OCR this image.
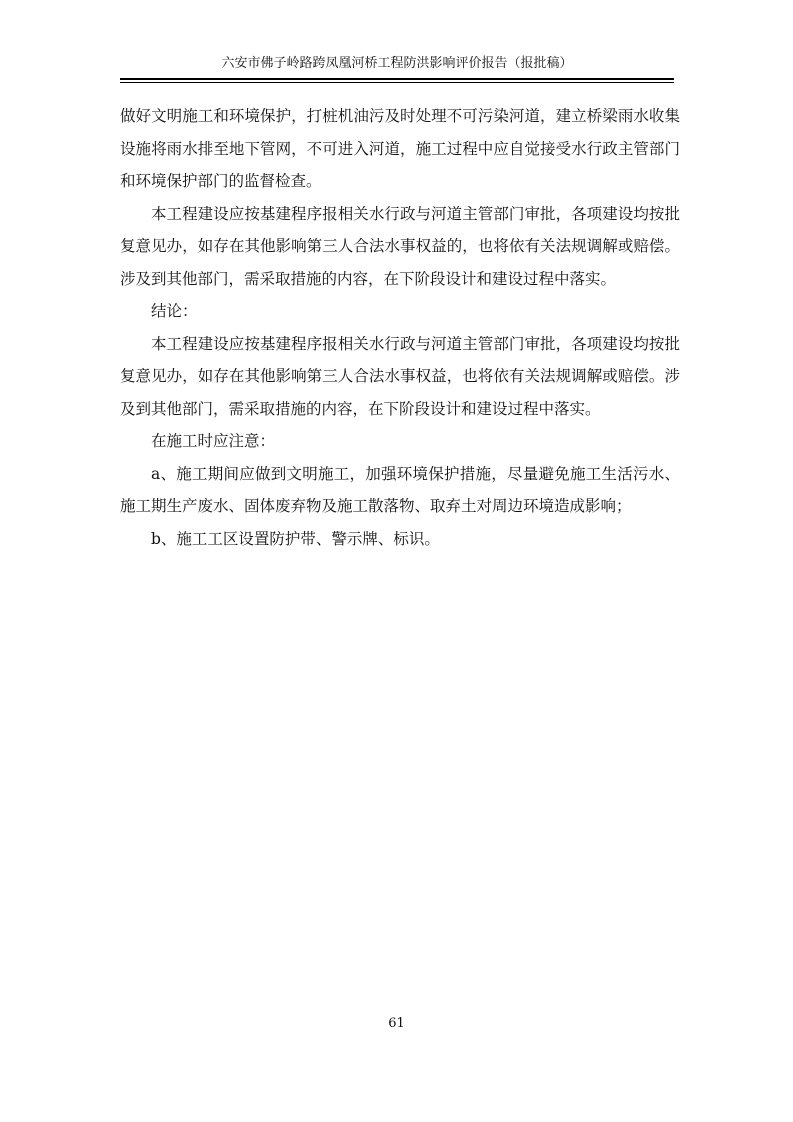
六安市佛子岭路跨凤凰河桥工程防洪影响评价报告（报批稿）

做好文明施工和环境保护，打桩机油污及时处理不可污染河道，建立桥梁雨水收集设施将雨水排至地下管网，不可进入河道，施工过程中应自觉接受水行政主管部门和环境保护部门的监督检查。

本工程建设应按基建程序报相关水行政与河道主管部门审批，各项建设均按批复意见办，如存在其他影响第三人合法水事权益的，也将依有关法规调解或赔偿。涉及到其他部门，需采取措施的内容，在下阶段设计和建设过程中落实。

结论：

本工程建设应按基建程序报相关水行政与河道主管部门审批，各项建设均按批复意见办，如存在其他影响第三人合法水事权益，也将依有关法规调解或赔偿。涉及到其他部门，需采取措施的内容，在下阶段设计和建设过程中落实。

在施工时应注意：

a、施工期间应做到文明施工，加强环境保护措施，尽量避免施工生活污水、施工期生产废水、固体废弃物及施工散落物、取弃土对周边环境造成影响；

b、施工工区设置防护带、警示牌、标识。

61
